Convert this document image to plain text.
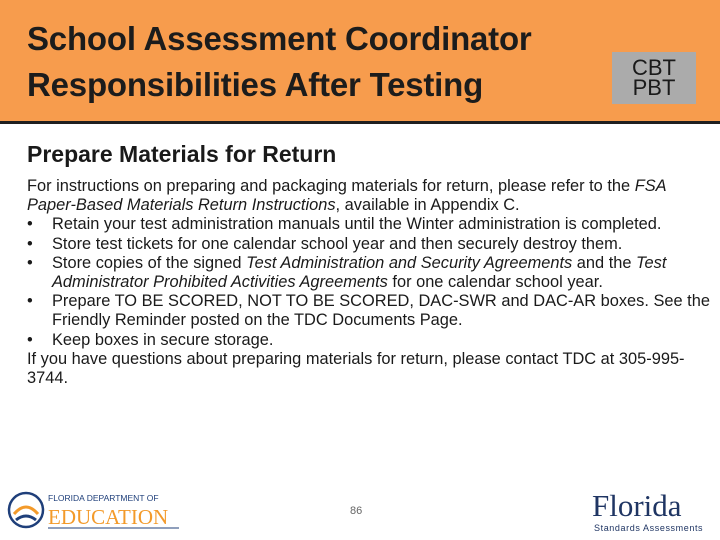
School Assessment Coordinator
Responsibilities After Testing	CBT
PBT
Prepare Materials for Return

For instructions on preparing and packaging materials for return, please refer to the FSA Paper-Based Materials Return Instructions, available in Appendix C.

• Retain your test administration manuals until the Winter administration is completed.
• Store test tickets for one calendar school year and then securely destroy them.
• Store copies of the signed Test Administration and Security Agreements and the Test Administrator Prohibited Activities Agreements for one calendar school year.
• Prepare TO BE SCORED, NOT TO BE SCORED, DAC-SWR and DAC-AR boxes. See the Friendly Reminder posted on the TDC Documents Page.
• Keep boxes in secure storage.

If you have questions about preparing materials for return, please contact TDC at 305-995-3744.

FLORIDA DEPARTMENT OF
EDUCATION	86	Florida
Standards Assessments
